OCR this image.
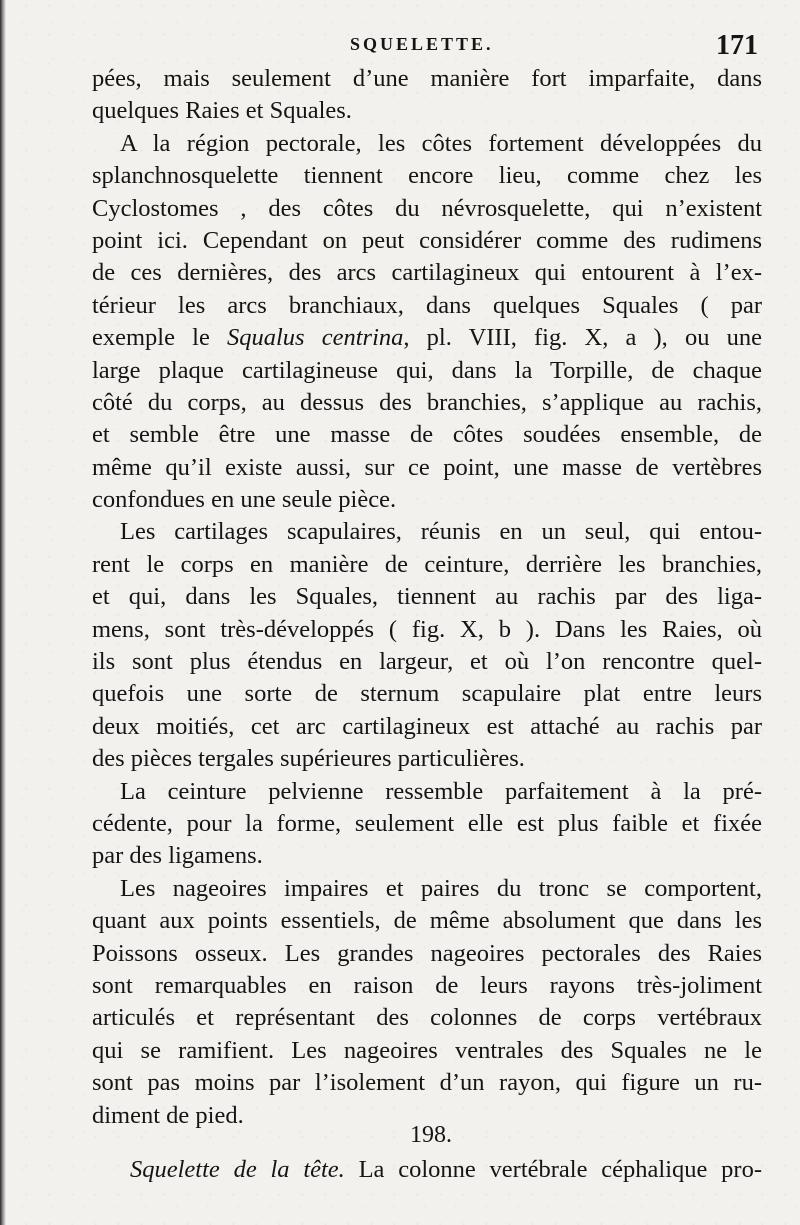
SQUELETTE.	171
pées, mais seulement d’une manière fort imparfaite, dans
quelques Raies et Squales.
A la région pectorale, les côtes fortement développées du
splanchnosquelette tiennent encore lieu, comme chez les
Cyclostomes , des côtes du névrosquelette, qui n’existent
point ici. Cependant on peut considérer comme des rudimens
de ces dernières, des arcs cartilagineux qui entourent à l’ex-
térieur les arcs branchiaux, dans quelques Squales ( par
exemple le Squalus centrina, pl. VIII, fig. X, a ), ou une
large plaque cartilagineuse qui, dans la Torpille, de chaque
côté du corps, au dessus des branchies, s’applique au rachis,
et semble être une masse de côtes soudées ensemble, de
même qu’il existe aussi, sur ce point, une masse de vertèbres
confondues en une seule pièce.
Les cartilages scapulaires, réunis en un seul, qui entou-
rent le corps en manière de ceinture, derrière les branchies,
et qui, dans les Squales, tiennent au rachis par des liga-
mens, sont très-développés ( fig. X, b ). Dans les Raies, où
ils sont plus étendus en largeur, et où l’on rencontre quel-
quefois une sorte de sternum scapulaire plat entre leurs
deux moitiés, cet arc cartilagineux est attaché au rachis par
des pièces tergales supérieures particulières.
La ceinture pelvienne ressemble parfaitement à la pré-
cédente, pour la forme, seulement elle est plus faible et fixée
par des ligamens.
Les nageoires impaires et paires du tronc se comportent,
quant aux points essentiels, de même absolument que dans les
Poissons osseux. Les grandes nageoires pectorales des Raies
sont remarquables en raison de leurs rayons très-joliment
articulés et représentant des colonnes de corps vertébraux
qui se ramifient. Les nageoires ventrales des Squales ne le
sont pas moins par l’isolement d’un rayon, qui figure un ru-
diment de pied.
198.
Squelette de la tête. La colonne vertébrale céphalique pro-
